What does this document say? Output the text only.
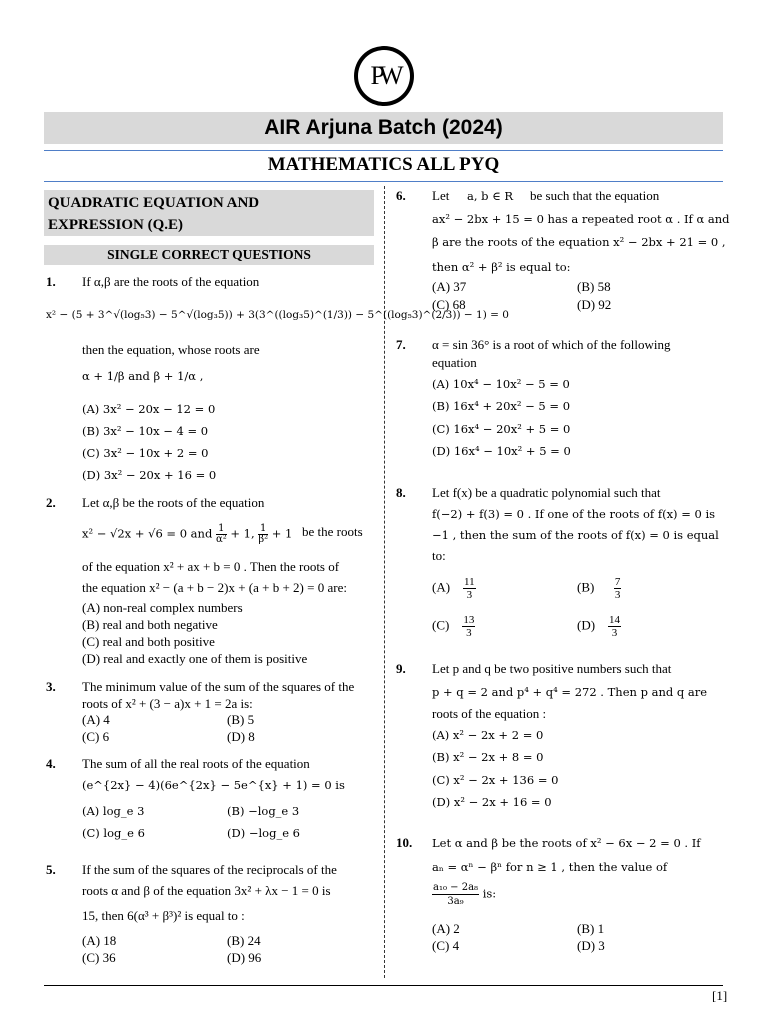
PW
AIR Arjuna Batch (2024)
MATHEMATICS ALL PYQ
QUADRATIC EQUATION AND
EXPRESSION (Q.E)
SINGLE CORRECT QUESTIONS
1. If α,β are the roots of the equation
x² − (5 + 3^√(log₅3) − 5^√(log₃5)) + 3(3^((log₃5)^(1/3)) − 5^((log₅3)^(2/3)) − 1) = 0
then the equation, whose roots are
α + 1/β and β + 1/α ,
(A) 3x² − 20x − 12 = 0
(B) 3x² − 10x − 4 = 0
(C) 3x² − 10x + 2 = 0
(D) 3x² − 20x + 16 = 0
2. Let α,β be the roots of the equation
x² − √2x + √6 = 0 and $\frac{1}{\text{α²}} + 1$, $\frac{1}{\text{β²}} + 1$ be the roots
of the equation x² + ax + b = 0 . Then the roots of
the equation x² − (a + b − 2)x + (a + b + 2) = 0 are:
(A) non-real complex numbers
(B) real and both negative
(C) real and both positive
(D) real and exactly one of them is positive
3. The minimum value of the sum of the squares of the
roots of x² + (3 − a)x + 1 = 2a is:
(A) 4	(B) 5
(C) 6	(D) 8
4. The sum of all the real roots of the equation
(e^{2x} − 4)(6e^{2x} − 5e^{x} + 1) = 0 is
(A) log_e 3	(B) −log_e 3
(C) log_e 6	(D) −log_e 6
5. If the sum of the squares of the reciprocals of the
roots α and β of the equation 3x² + λx − 1 = 0 is
15, then 6(α³ + β³)² is equal to :
(A) 18	(B) 24
(C) 36	(D) 96
6. Let a, b ∈ R be such that the equation
ax² − 2bx + 15 = 0 has a repeated root α . If α and
β are the roots of the equation x² − 2bx + 21 = 0 ,
then α² + β² is equal to:
(A) 37	(B) 58
(C) 68	(D) 92
7. α = sin 36° is a root of which of the following
equation
(A) 10x⁴ − 10x² − 5 = 0
(B) 16x⁴ + 20x² − 5 = 0
(C) 16x⁴ − 20x² + 5 = 0
(D) 16x⁴ − 10x² + 5 = 0
8. Let f(x) be a quadratic polynomial such that
f(−2) + f(3) = 0 . If one of the roots of f(x) = 0 is
−1 , then the sum of the roots of f(x) = 0 is equal
to:
$(A) \frac{11}{3}$	$(B) \frac{7}{3}$
$(C) \frac{13}{3}$	$(D) \frac{14}{3}$
9. Let p and q be two positive numbers such that
p + q = 2 and p⁴ + q⁴ = 272 . Then p and q are
roots of the equation :
(A) x² − 2x + 2 = 0
(B) x² − 2x + 8 = 0
(C) x² − 2x + 136 = 0
(D) x² − 2x + 16 = 0
10. Let α and β be the roots of x² − 6x − 2 = 0 . If
aₙ = αⁿ − βⁿ for n ≥ 1 , then the value of
$\frac{\text{a₁₀ − 2a₈}}{\text{3a₉}}$ is:
(A) 2	(B) 1
(C) 4	(D) 3
[1]
